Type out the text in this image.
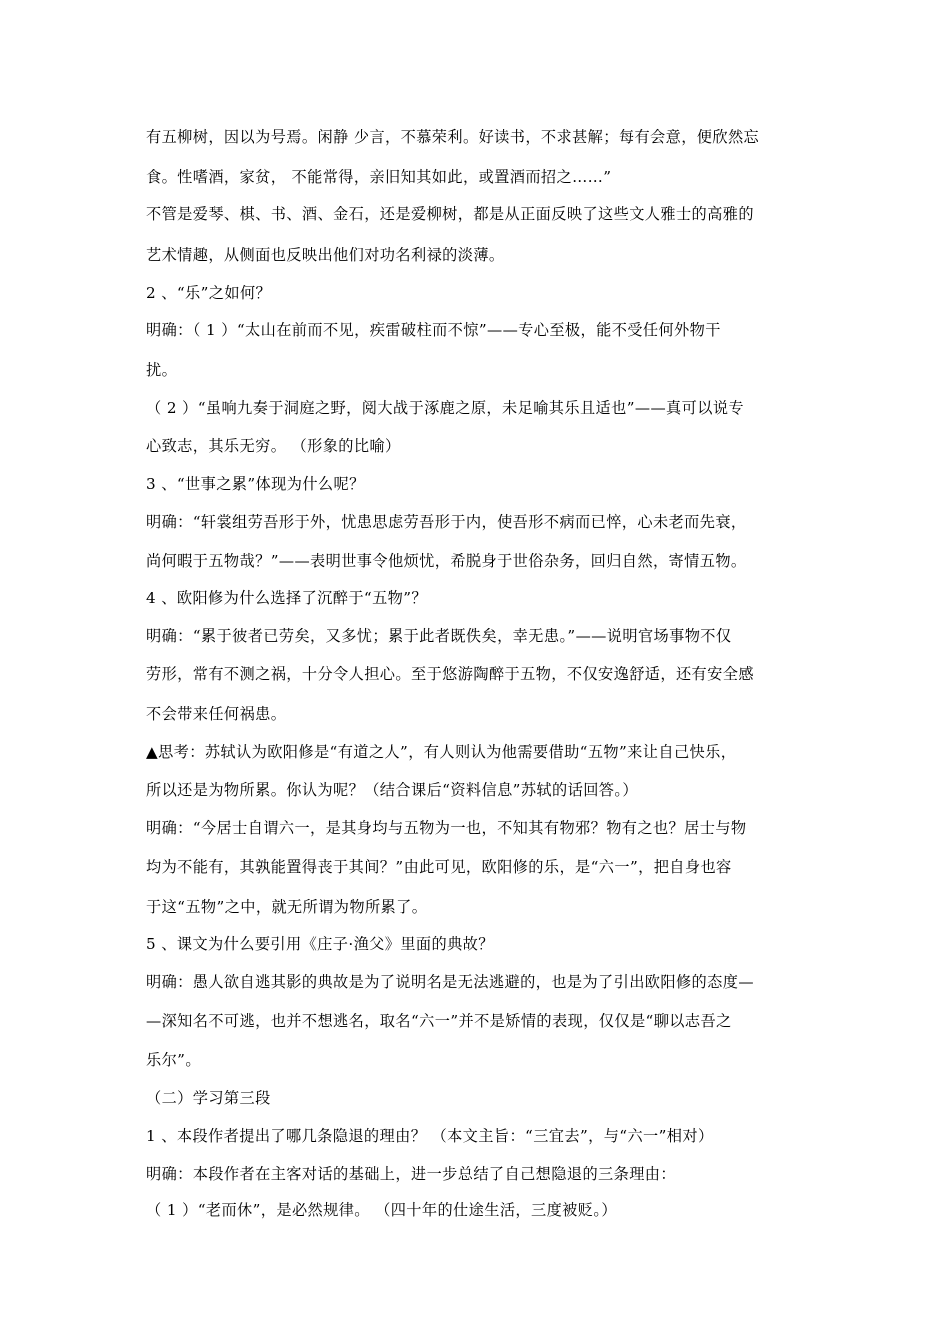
有五柳树，因以为号焉。闲静 少言，不慕荣利。好读书，不求甚解；每有会意，便欣然忘
食。性嗜酒，家贫， 不能常得，亲旧知其如此，或置酒而招之……”
不管是爱琴、棋、书、酒、金石，还是爱柳树，都是从正面反映了这些文人雅士的高雅的
艺术情趣，从侧面也反映出他们对功名利禄的淡薄。
2 、“乐”之如何？
明确：（ 1 ）“太山在前而不见，疾雷破柱而不惊”——专心至极，能不受任何外物干
扰。
（ 2 ）“虽响九奏于洞庭之野，阅大战于涿鹿之原，未足喻其乐且适也”——真可以说专
心致志，其乐无穷。 （形象的比喻）
3 、“世事之累”体现为什么呢？
明确：“轩裳组劳吾形于外，忧患思虑劳吾形于内，使吾形不病而已悴，心未老而先衰，
尚何暇于五物哉？”——表明世事令他烦忧，希脱身于世俗杂务，回归自然，寄情五物。
4 、欧阳修为什么选择了沉醉于“五物”？
明确：“累于彼者已劳矣，又多忧；累于此者既佚矣，幸无患。”——说明官场事物不仅
劳形，常有不测之祸，十分令人担心。至于悠游陶醉于五物，不仅安逸舒适，还有安全感
不会带来任何祸患。
▲思考：苏轼认为欧阳修是“有道之人”，有人则认为他需要借助“五物”来让自己快乐，
所以还是为物所累。你认为呢？（结合课后“资料信息”苏轼的话回答。）
明确：“今居士自谓六一，是其身均与五物为一也，不知其有物邪？物有之也？居士与物
均为不能有，其孰能置得丧于其间？”由此可见，欧阳修的乐，是“六一”，把自身也容
于这“五物”之中，就无所谓为物所累了。
5 、课文为什么要引用《庄子·渔父》里面的典故？
明确：愚人欲自逃其影的典故是为了说明名是无法逃避的，也是为了引出欧阳修的态度—
—深知名不可逃，也并不想逃名，取名“六一”并不是矫情的表现，仅仅是“聊以志吾之
乐尔”。
（二）学习第三段
1 、本段作者提出了哪几条隐退的理由？ （本文主旨：“三宜去”，与“六一”相对）
明确：本段作者在主客对话的基础上，进一步总结了自己想隐退的三条理由：
（ 1 ）“老而休”，是必然规律。 （四十年的仕途生活，三度被贬。）
